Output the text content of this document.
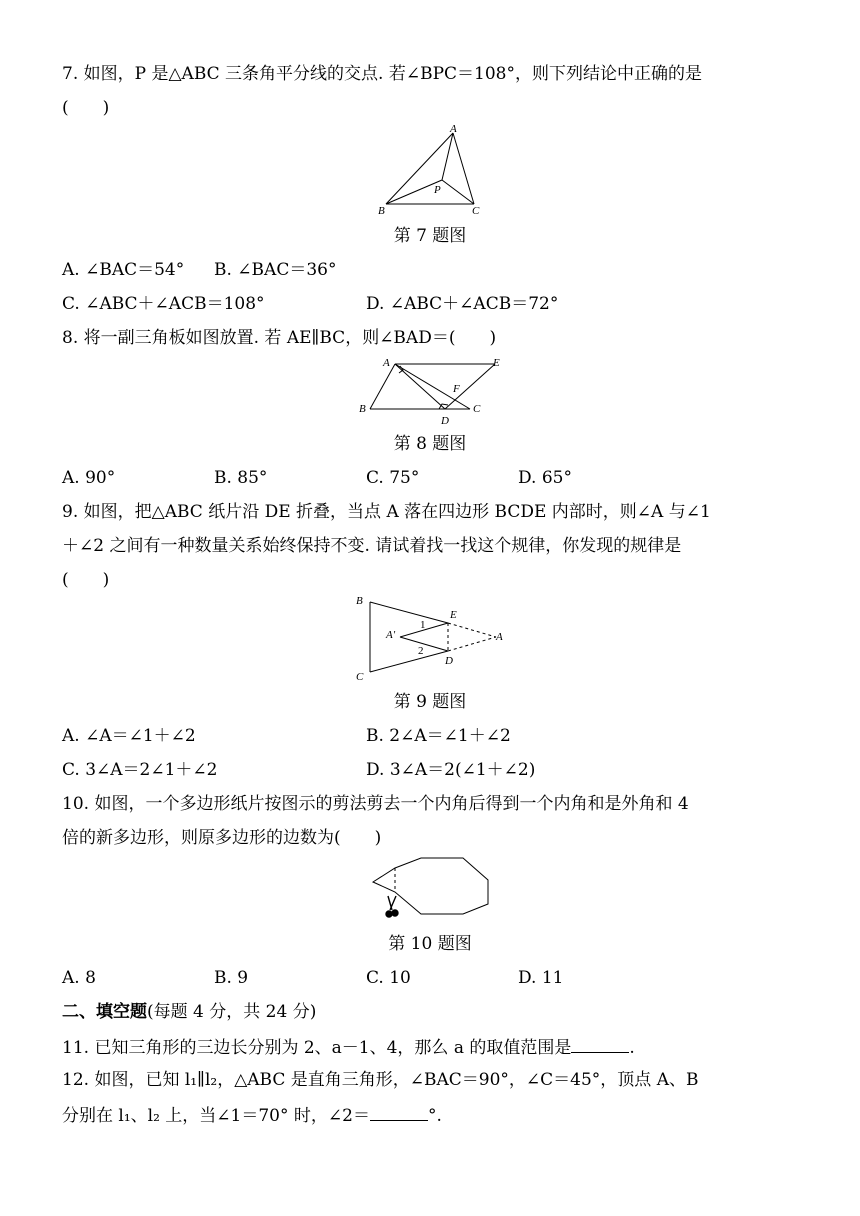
7. 如图，P 是△ABC 三条角平分线的交点. 若∠BPC＝108°，则下列结论中正确的是
(　　)
A
B	C
P
第 7 题图
A. ∠BAC＝54° B. ∠BAC＝36°
C. ∠ABC＋∠ACB＝108°	D. ∠ABC＋∠ACB＝72°
8. 将一副三角板如图放置. 若 AE∥BC，则∠BAD＝(　　)
A	E
F
B
D
C
第 8 题图
A. 90°	B. 85°	C. 75°	D. 65°
9. 如图，把△ABC 纸片沿 DE 折叠，当点 A 落在四边形 BCDE 内部时，则∠A 与∠1
＋∠2 之间有一种数量关系始终保持不变. 请试着找一找这个规律，你发现的规律是
(　　)
B
C
E
D
A
A′
1
2
第 9 题图
A. ∠A＝∠1＋∠2	B. 2∠A＝∠1＋∠2
C. 3∠A＝2∠1＋∠2	D. 3∠A＝2(∠1＋∠2)
10. 如图，一个多边形纸片按图示的剪法剪去一个内角后得到一个内角和是外角和 4
倍的新多边形，则原多边形的边数为(　　)
第 10 题图
A. 8	B. 9	C. 10	D. 11
二、填空题(每题 4 分，共 24 分)
11. 已知三角形的三边长分别为 2、a－1、4，那么 a 的取值范围是	.
12. 如图，已知 l₁∥l₂，△ABC 是直角三角形，∠BAC＝90°，∠C＝45°，顶点 A、B
分别在 l₁、l₂ 上，当∠1＝70° 时，∠2＝	°.
